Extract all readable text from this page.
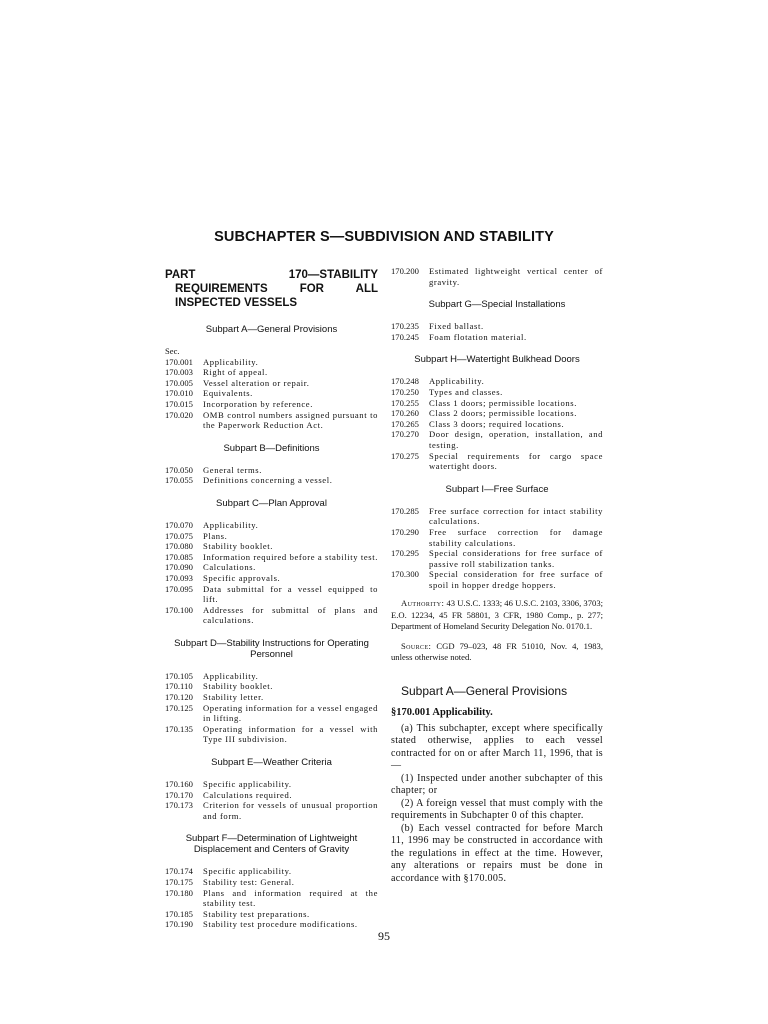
SUBCHAPTER S—SUBDIVISION AND STABILITY
PART 170—STABILITY REQUIREMENTS FOR ALL INSPECTED VESSELS
Subpart A—General Provisions
Sec.
170.001	Applicability.
170.003	Right of appeal.
170.005	Vessel alteration or repair.
170.010	Equivalents.
170.015	Incorporation by reference.
170.020	OMB control numbers assigned pursuant to the Paperwork Reduction Act.
Subpart B—Definitions
170.050	General terms.
170.055	Definitions concerning a vessel.
Subpart C—Plan Approval
170.070	Applicability.
170.075	Plans.
170.080	Stability booklet.
170.085	Information required before a stability test.
170.090	Calculations.
170.093	Specific approvals.
170.095	Data submittal for a vessel equipped to lift.
170.100	Addresses for submittal of plans and calculations.
Subpart D—Stability Instructions for Operating Personnel
170.105	Applicability.
170.110	Stability booklet.
170.120	Stability letter.
170.125	Operating information for a vessel engaged in lifting.
170.135	Operating information for a vessel with Type III subdivision.
Subpart E—Weather Criteria
170.160	Specific applicability.
170.170	Calculations required.
170.173	Criterion for vessels of unusual proportion and form.
Subpart F—Determination of Lightweight Displacement and Centers of Gravity
170.174	Specific applicability.
170.175	Stability test: General.
170.180	Plans and information required at the stability test.
170.185	Stability test preparations.
170.190	Stability test procedure modifications.
170.200	Estimated lightweight vertical center of gravity.
Subpart G—Special Installations
170.235	Fixed ballast.
170.245	Foam flotation material.
Subpart H—Watertight Bulkhead Doors
170.248	Applicability.
170.250	Types and classes.
170.255	Class 1 doors; permissible locations.
170.260	Class 2 doors; permissible locations.
170.265	Class 3 doors; required locations.
170.270	Door design, operation, installation, and testing.
170.275	Special requirements for cargo space watertight doors.
Subpart I—Free Surface
170.285	Free surface correction for intact stability calculations.
170.290	Free surface correction for damage stability calculations.
170.295	Special considerations for free surface of passive roll stabilization tanks.
170.300	Special consideration for free surface of spoil in hopper dredge hoppers.

Authority: 43 U.S.C. 1333; 46 U.S.C. 2103, 3306, 3703; E.O. 12234, 45 FR 58801, 3 CFR, 1980 Comp., p. 277; Department of Homeland Security Delegation No. 0170.1.

Source: CGD 79–023, 48 FR 51010, Nov. 4, 1983, unless otherwise noted.

Subpart A—General Provisions
§170.001 Applicability.

(a) This subchapter, except where specifically stated otherwise, applies to each vessel contracted for on or after March 11, 1996, that is—

(1) Inspected under another subchapter of this chapter; or

(2) A foreign vessel that must comply with the requirements in Subchapter 0 of this chapter.

(b) Each vessel contracted for before March 11, 1996 may be constructed in accordance with the regulations in effect at the time. However, any alterations or repairs must be done in accordance with §170.005.

95
